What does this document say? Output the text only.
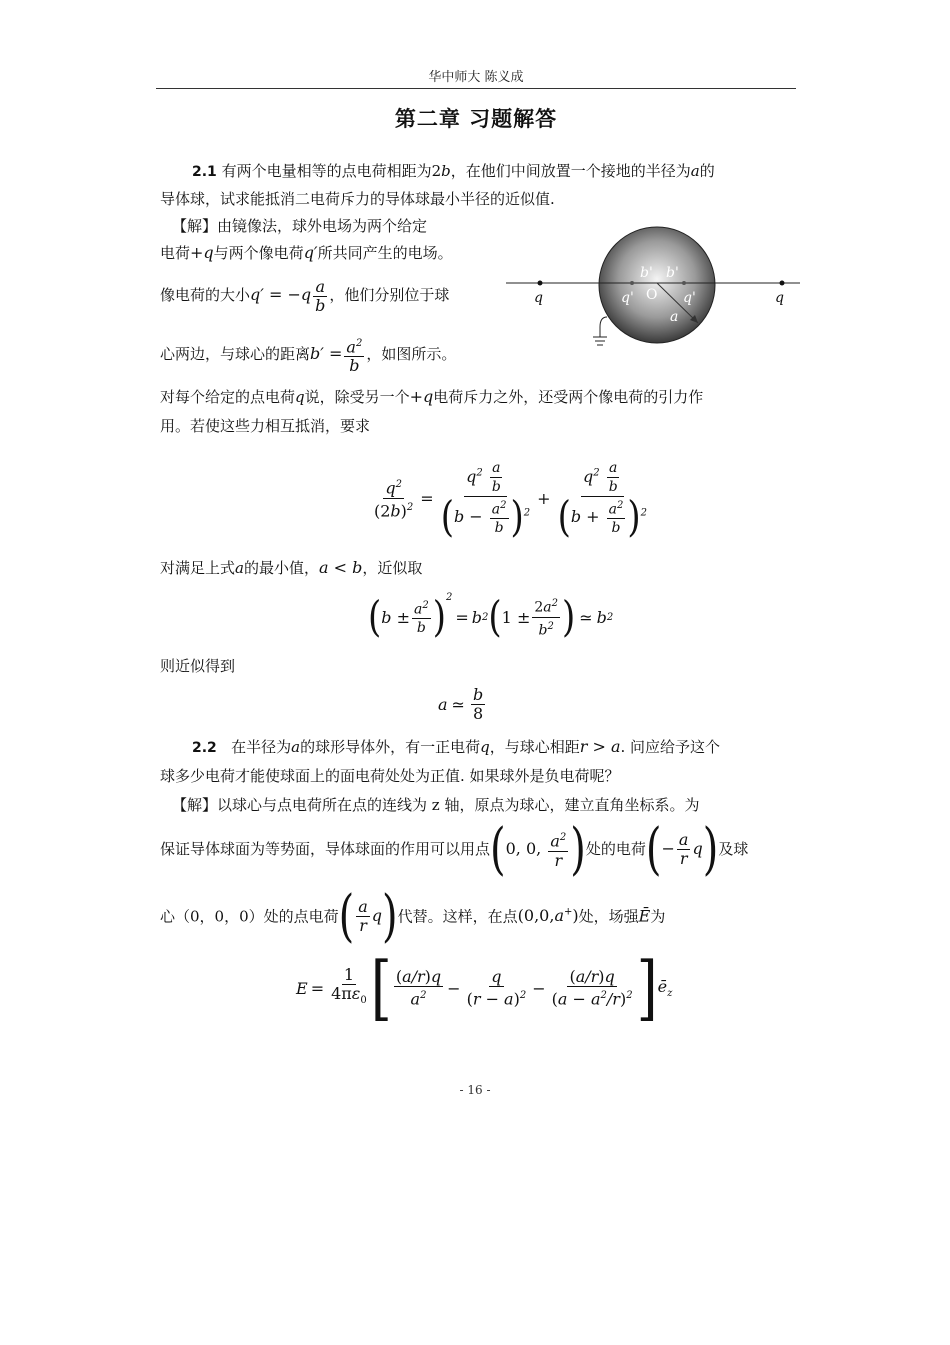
华中师大 陈义成
第二章 习题解答
2.1 有两个电量相等的点电荷相距为2b，在他们中间放置一个接地的半径为a的
导体球，试求能抵消二电荷斥力的导体球最小半径的近似值.
【解】由镜像法，球外电场为两个给定
电荷+q与两个像电荷q′所共同产生的电场。
像电荷的大小$q' = -q \frac{a}{b}$ ，他们分别位于球
心两边，与球心的距离$b' = \frac{a^2}{b}$ ，如图所示。
q	q' O q'	q
b' b'
a
对每个给定的点电荷q说，除受另一个+q电荷斥力之外，还受两个像电荷的引力作
用。若使这些力相互抵消，要求
$\frac{q^2}{(2b)^2} = \frac{q^2 \frac{a}{b}}{(b - \frac{a^2}{b} )^2} + \frac{q^2 \frac{a}{b}}{(b + \frac{a^2}{b} )^2}$
对满足上式a的最小值，a < b，近似取
( $b \pm \frac{a^2}{b} )^2$
= b 2 ( $1 \pm \frac{2a^2}{b^2}$ ) ≃ b 2
则近似得到
a ≃ $\frac{b}{8}$
2.2 在半径为a的球形导体外，有一正电荷q，与球心相距r > a. 问应给予这个
球多少电荷才能使球面上的面电荷处处为正值. 如果球外是负电荷呢？
【解】以球心与点电荷所在点的连线为 z 轴，原点为球心，建立直角坐标系。为
保证导体球面为等势面，导体球面的作用可以用点(0, 0, $\frac{a^2}{r}$ )处的电荷(− $\frac{a}{r} q$)及球
心（0，0，0）处的点电荷( $\frac{a}{r} q$)代替。这样，在点(0,0,a+)处，场强Ē为
$E = \frac{1}{4\pi\varepsilon_0}$ [ $\frac{(a/r)q}{a^2} - \frac{q}{(r - a)^2} - \frac{(a/r)q}{(a - a^2/r)^2}$ ] $ē_z$
- 16 -
